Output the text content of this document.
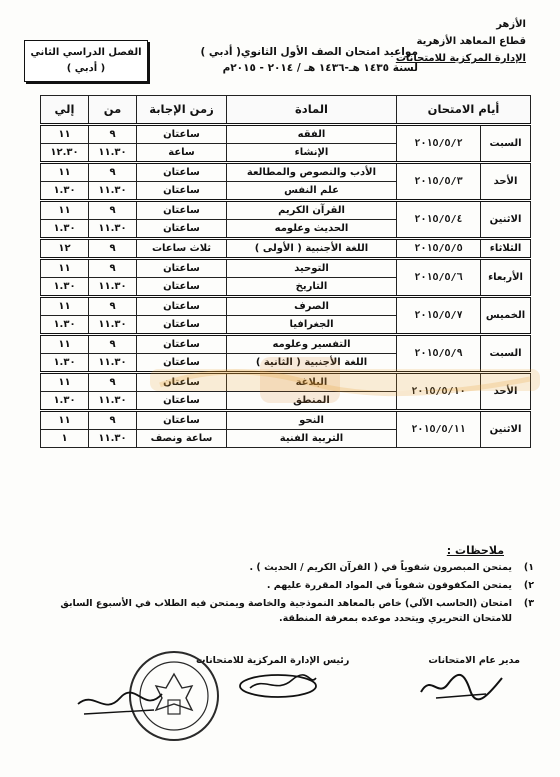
الأزهر
قطاع المعاهد الأزهرية
الإدارة المركزية للامتحانات
مواعيد امتحان الصف الأول الثانوي( أدبي )
لسنة ١٤٣٥ هـ-١٤٣٦ هـ / ٢٠١٤ - ٢٠١٥م
الفصل الدراسي الثاني
( أدبي )
أيام الامتحان		المادة	زمن الإجابة	من	إلي
السبت	٢٠١٥/٥/٢	الفقه	ساعتان	٩	١١
		الإنشاء	ساعة	١١.٣٠	١٢.٣٠
الأحد	٢٠١٥/٥/٣	الأدب والنصوص والمطالعة	ساعتان	٩	١١
		علم النفس	ساعتان	١١.٣٠	١.٣٠
الاثنين	٢٠١٥/٥/٤	القرآن الكريم	ساعتان	٩	١١
		الحديث وعلومه	ساعتان	١١.٣٠	١.٣٠
الثلاثاء	٢٠١٥/٥/٥	اللغة الأجنبية ( الأولى )	ثلاث ساعات	٩	١٢
الأربعاء	٢٠١٥/٥/٦	التوحيد	ساعتان	٩	١١
		التاريخ	ساعتان	١١.٣٠	١.٣٠
الخميس	٢٠١٥/٥/٧	الصرف	ساعتان	٩	١١
		الجغرافيا	ساعتان	١١.٣٠	١.٣٠
السبت	٢٠١٥/٥/٩	التفسير وعلومه	ساعتان	٩	١١
		اللغة الأجنبية ( الثانية )	ساعتان	١١.٣٠	١.٣٠
الأحد	٢٠١٥/٥/١٠	البلاغة	ساعتان	٩	١١
		المنطق	ساعتان	١١.٣٠	١.٣٠
الاثنين	٢٠١٥/٥/١١	النحو	ساعتان	٩	١١
		التربية الفنية	ساعة ونصف	١١.٣٠	١
ملاحظات :
١)
يمتحن المبصرون شفوياً في ( القرآن الكريم / الحديث ) .
٢)
يمتحن المكفوفون شفوياً في المواد المقررة عليهم .
٣)
امتحان (الحاسب الآلي) خاص بالمعاهد النموذجية والخاصة ويمتحن فيه الطلاب في الأسبوع السابق للامتحان التحريري ويتحدد موعده بمعرفة المنطقة.
مدير عام الامتحانات
رئيس الإدارة المركزية للامتحانات
